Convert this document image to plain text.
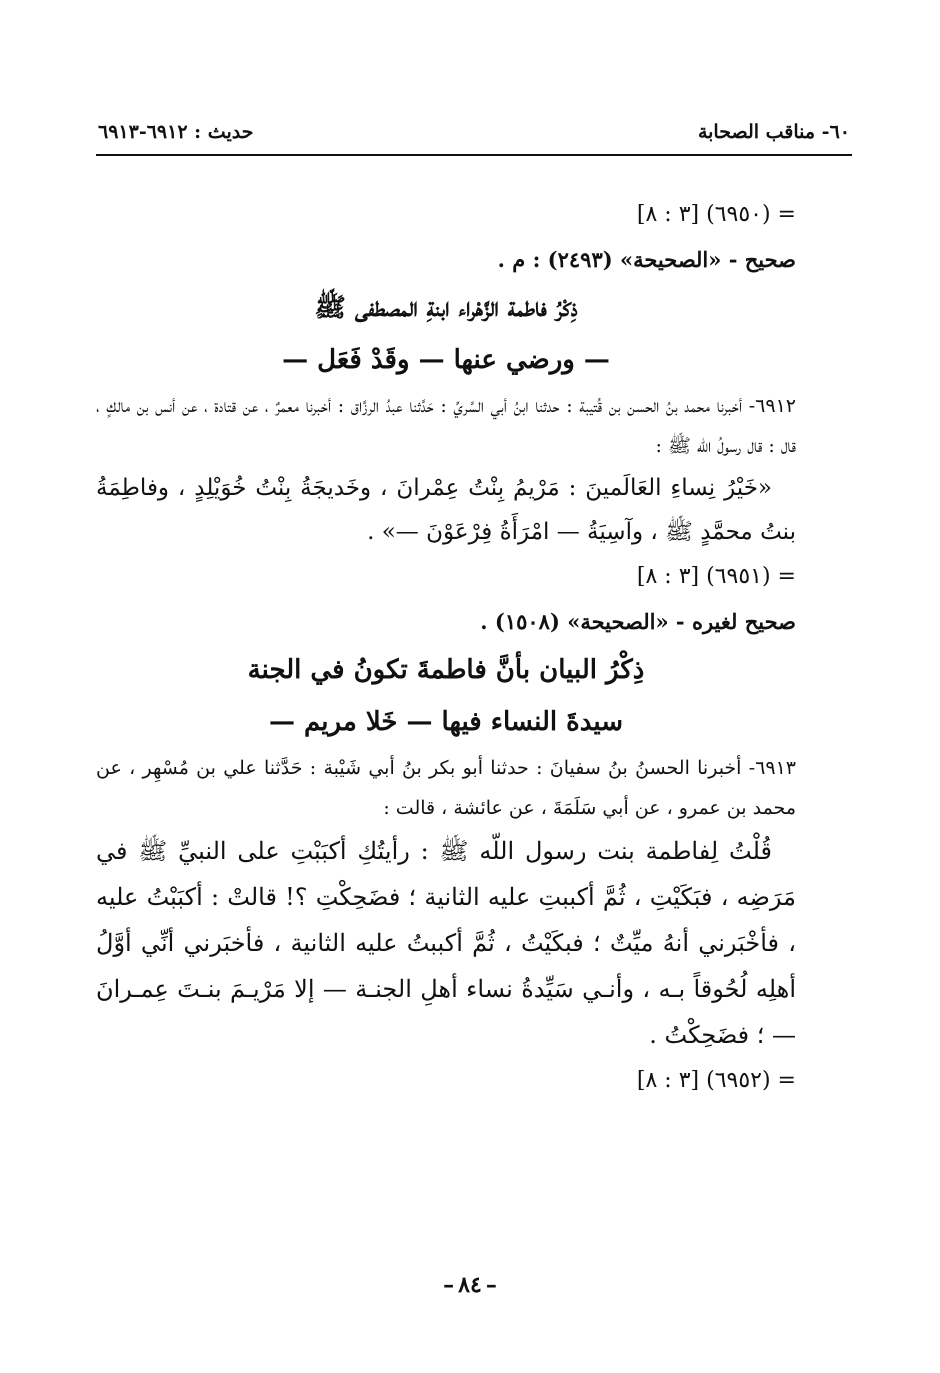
٦٠- مناقب الصحابة
حديث : ٦٩١٢-٦٩١٣
= (٦٩٥٠) [٣ : ٨]
صحيح - «الصحيحة» (٢٤٩٣) : م .
ذِكْرُ فاطمة الزَّهْراء ابنةِ المصطفى ﷺ
— ورضي عنها — وقَدْ فَعَل —
٦٩١٢- أخبرنا محمد بنُ الحسن بن قُتيبة : حدثنا ابنُ أبي السَّريِّ : حَدَّثنا عبدُ الرزَّاق : أخبرنا معمرٌ ، عن قتادة ، عن أنس بن مالكٍ ، قال : قال رسولُ اللّه ﷺ :
«خَيْرُ نِساءِ العَالَمينَ : مَرْيمُ بِنْتُ عِمْرانَ ، وخَديجَةُ بِنْتُ خُوَيْلِدٍ ، وفاطِمَةُ بنتُ محمَّدٍ ﷺ ، وآسِيَةُ — امْرَأَةُ فِرْعَوْنَ —» .
= (٦٩٥١) [٣ : ٨]
صحيح لغيره - «الصحيحة» (١٥٠٨) .
ذِكْرُ البيان بأنَّ فاطمةَ تكونُ في الجنة
سيدةَ النساء فيها — خَلا مريم —
٦٩١٣- أخبرنا الحسنُ بنُ سفيانَ : حدثنا أبو بكر بنُ أبي شَيْبة : حَدَّثنا علي بن مُسْهِر ، عن محمد بن عمرو ، عن أبي سَلَمَةَ ، عن عائشة ، قالت :
قُلْتُ لِفاطمة بنت رسول اللّه ﷺ : رأيتُكِ أكبَبْتِ على النبيِّ ﷺ في مَرَضِه ، فبَكَيْتِ ، ثُمَّ أكببتِ عليه الثانية ؛ فضَحِكْتِ ؟! قالتْ : أكبَبْتُ عليه ، فأخْبَرني أنهُ ميِّتٌ ؛ فبكَيْتُ ، ثُمَّ أكببتُ عليه الثانية ، فأخبَرني أنِّي أوَّلُ أهلِه لُحُوقاً بـه ، وأنـي سَيِّدةُ نساء أهلِ الجنـة — إلا مَرْيـمَ بنـتَ عِمـرانَ — ؛ فضَحِكْتُ .
= (٦٩٥٢) [٣ : ٨]
–٨٤–
